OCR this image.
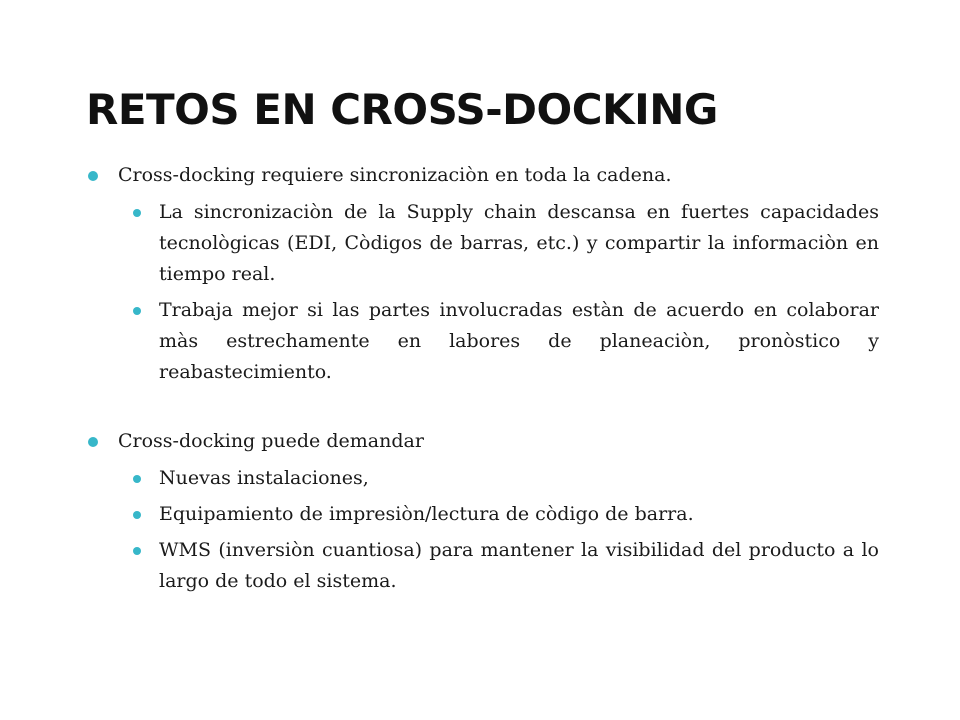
RETOS EN CROSS-DOCKING
Cross-docking requiere sincronizaciòn en toda la cadena.
La sincronizaciòn de la Supply chain descansa en fuertes capacidades tecnològicas (EDI, Còdigos de barras, etc.) y compartir la informaciòn en tiempo real.
Trabaja mejor si las partes involucradas estàn de acuerdo en colaborar màs estrechamente en labores de planeaciòn, pronòstico y reabastecimiento.
Cross-docking puede demandar
Nuevas instalaciones,
Equipamiento de impresiòn/lectura de còdigo de barra.
WMS (inversiòn cuantiosa) para mantener la visibilidad del producto a lo largo de todo el sistema.
